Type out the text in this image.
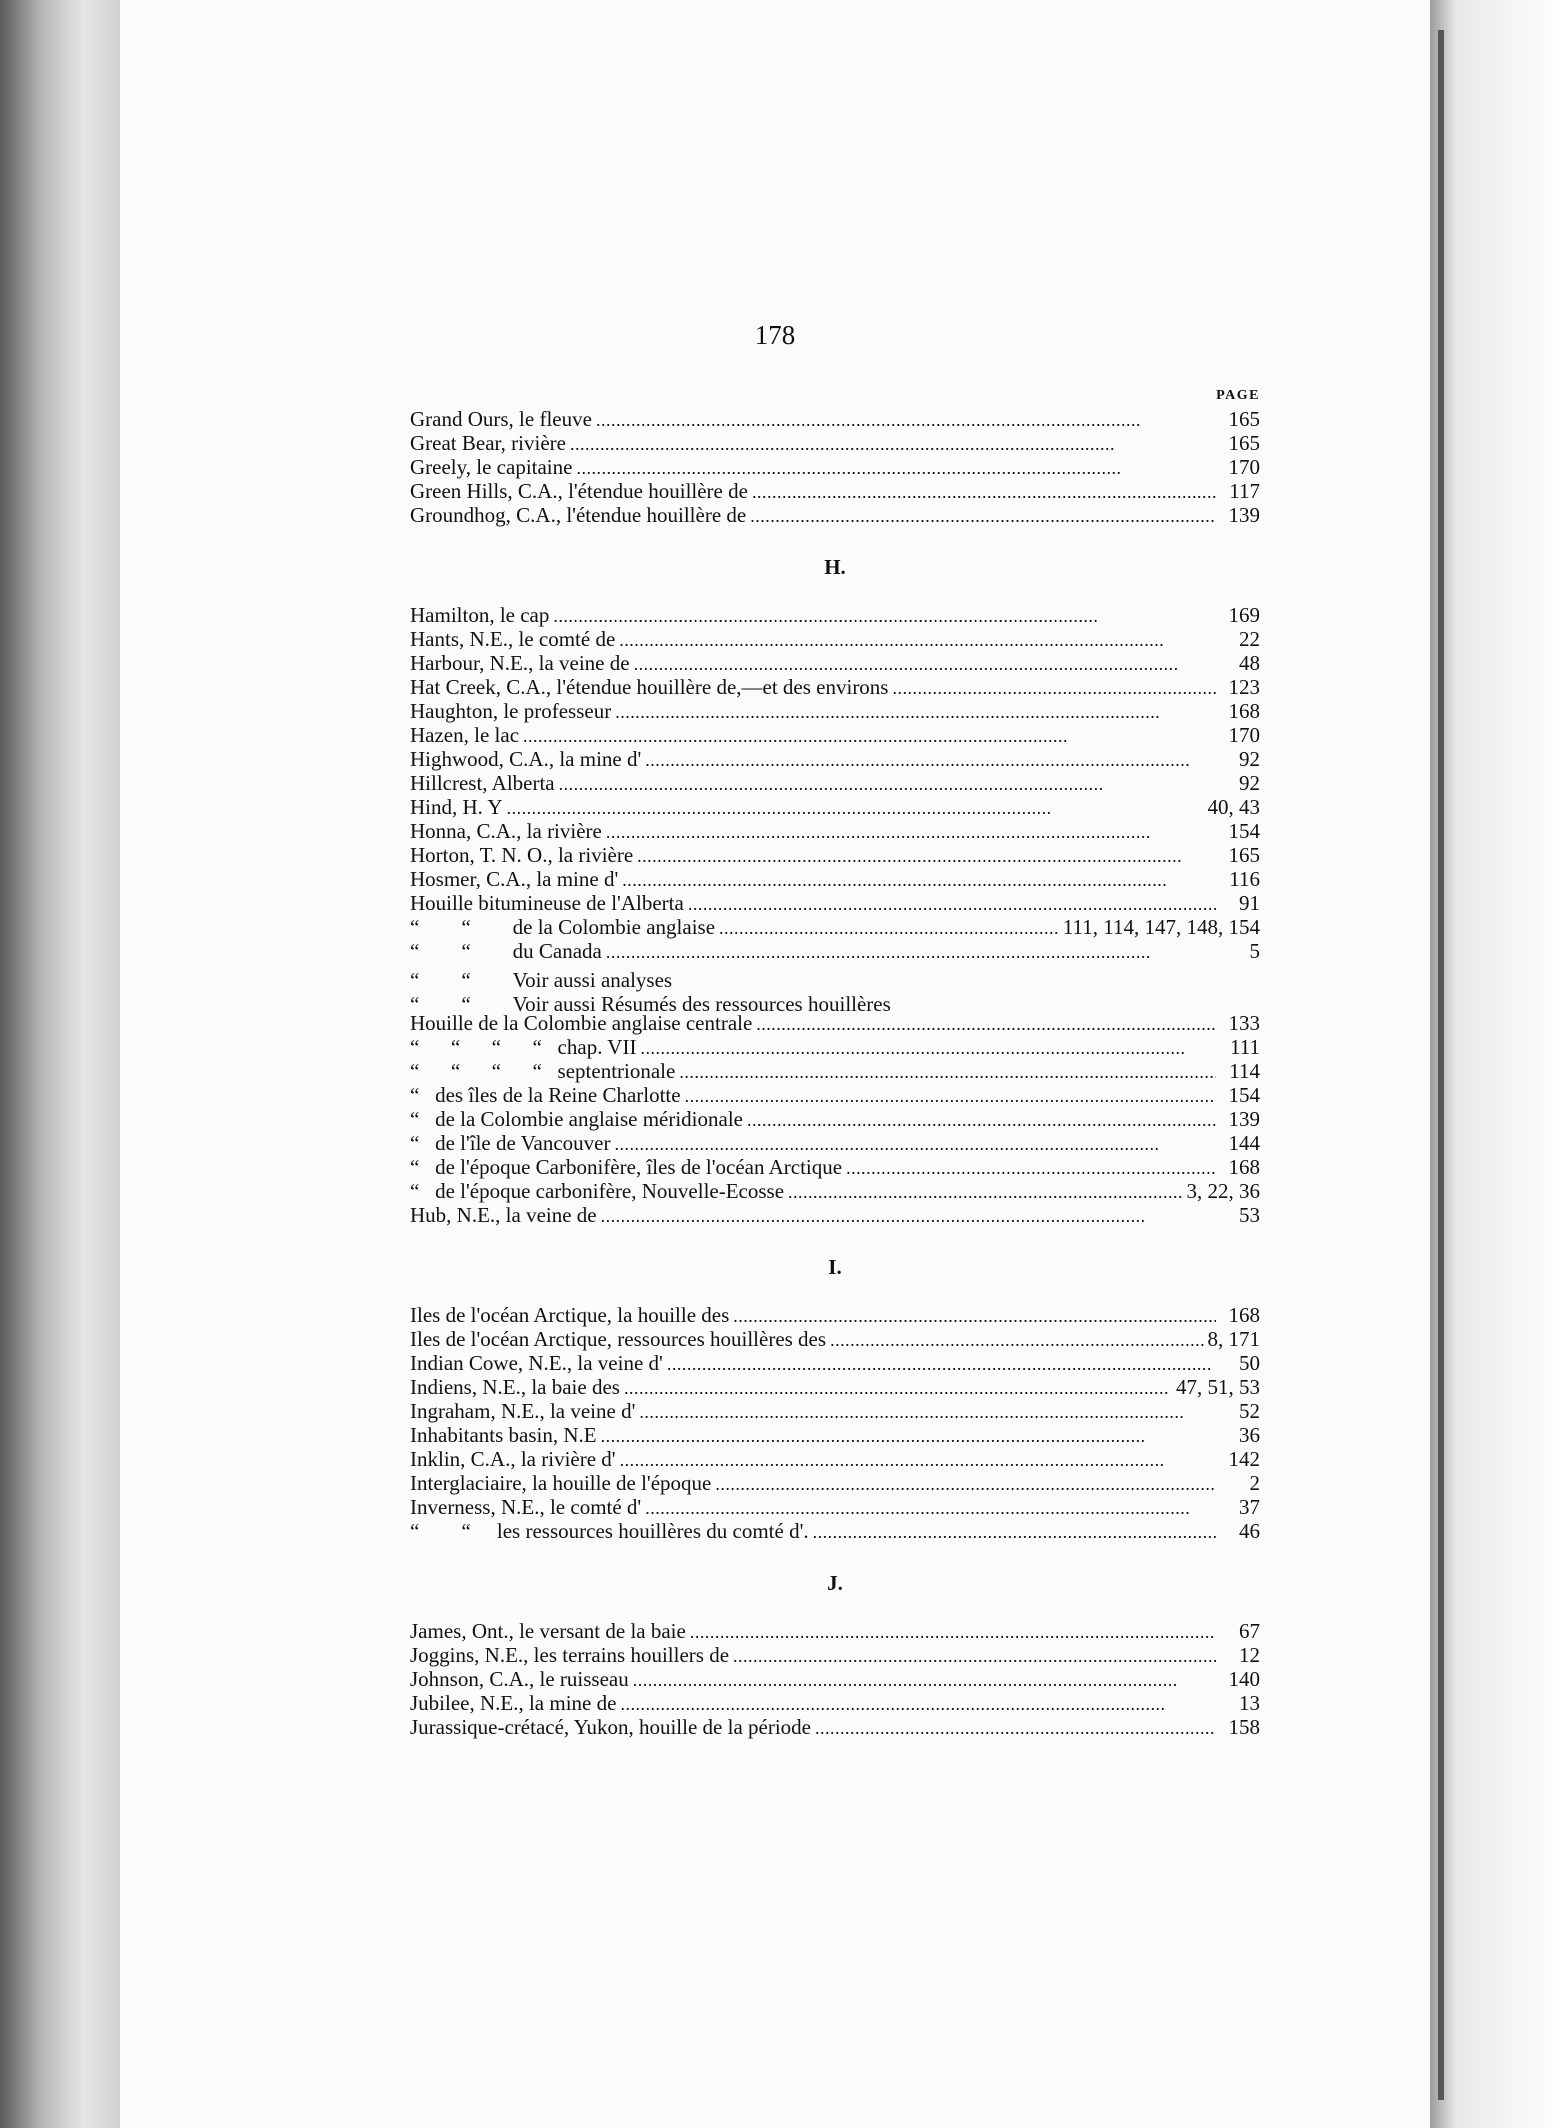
178
PAGE
Grand Ours, le fleuve . . .	165
Great Bear, rivière . . .	165
Greely, le capitaine . . .	170
Green Hills, C.A., l'étendue houillère de . . .	117
Groundhog, C.A., l'étendue houillère de . . .	139
H.
Hamilton, le cap . . .	169
Hants, N.E., le comté de . . .	22
Harbour, N.E., la veine de . . .	48
Hat Creek, C.A., l'étendue houillère de,—et des environs . . .	123
Haughton, le professeur . . .	168
Hazen, le lac . . .	170
Highwood, C.A., la mine d' . . .	92
Hillcrest, Alberta . . .	92
Hind, H. Y . . .	40, 43
Honna, C.A., la rivière . . .	154
Horton, T. N. O., la rivière . . .	165
Hosmer, C.A., la mine d' . . .	116
Houille bitumineuse de l'Alberta . . .	91
“        “ de la Colombie anglaise . . .	111, 114, 147, 148, 154
“        “ du Canada . . .	5
“        “ Voir aussi analyses
“        “ Voir aussi Résumés des ressources houillères
Houille de la Colombie anglaise centrale . . .	133
“      “      “      “ chap. VII . . .	111
“      “      “      “ septentrionale . . .	114
“ des îles de la Reine Charlotte . . .	154
“ de la Colombie anglaise méridionale . . .	139
“ de l'île de Vancouver . . .	144
“ de l'époque Carbonifère, îles de l'océan Arctique . . .	168
“ de l'époque carbonifère, Nouvelle-Ecosse . . .	3, 22, 36
Hub, N.E., la veine de . . .	53
I.
Iles de l'océan Arctique, la houille des . . .	168
Iles de l'océan Arctique, ressources houillères des . . .	8, 171
Indian Cowe, N.E., la veine d' . . .	50
Indiens, N.E., la baie des . . .	47, 51, 53
Ingraham, N.E., la veine d' . . .	52
Inhabitants basin, N.E . . .	36
Inklin, C.A., la rivière d' . . .	142
Interglaciaire, la houille de l'époque . . .	2
Inverness, N.E., le comté d' . . .	37
“        “ les ressources houillères du comté d'. . . .	46
J.
James, Ont., le versant de la baie . . .	67
Joggins, N.E., les terrains houillers de . . .	12
Johnson, C.A., le ruisseau . . .	140
Jubilee, N.E., la mine de . . .	13
Jurassique-crétacé, Yukon, houille de la période . . .	158
